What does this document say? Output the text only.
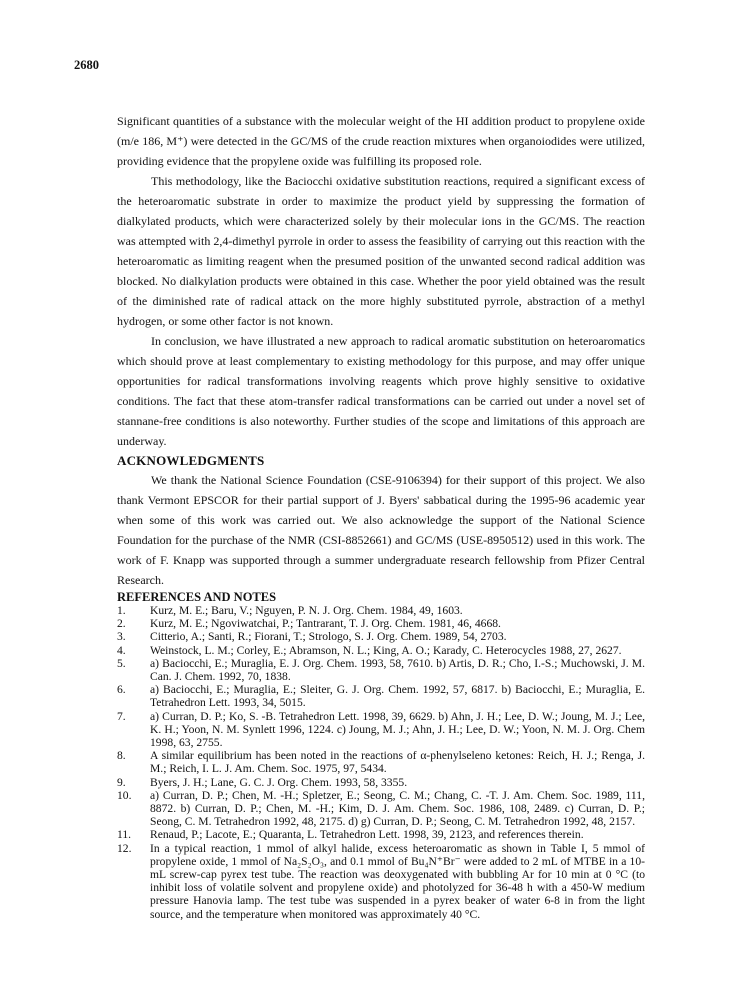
2680

Significant quantities of a substance with the molecular weight of the HI addition product to propylene oxide (m/e 186, M⁺) were detected in the GC/MS of the crude reaction mixtures when organoiodides were utilized, providing evidence that the propylene oxide was fulfilling its proposed role.

This methodology, like the Baciocchi oxidative substitution reactions, required a significant excess of the heteroaromatic substrate in order to maximize the product yield by suppressing the formation of dialkylated products, which were characterized solely by their molecular ions in the GC/MS. The reaction was attempted with 2,4-dimethyl pyrrole in order to assess the feasibility of carrying out this reaction with the heteroaromatic as limiting reagent when the presumed position of the unwanted second radical addition was blocked. No dialkylation products were obtained in this case. Whether the poor yield obtained was the result of the diminished rate of radical attack on the more highly substituted pyrrole, abstraction of a methyl hydrogen, or some other factor is not known.

In conclusion, we have illustrated a new approach to radical aromatic substitution on heteroaromatics which should prove at least complementary to existing methodology for this purpose, and may offer unique opportunities for radical transformations involving reagents which prove highly sensitive to oxidative conditions. The fact that these atom-transfer radical transformations can be carried out under a novel set of stannane-free conditions is also noteworthy. Further studies of the scope and limitations of this approach are underway.

ACKNOWLEDGMENTS

We thank the National Science Foundation (CSE-9106394) for their support of this project. We also thank Vermont EPSCOR for their partial support of J. Byers' sabbatical during the 1995-96 academic year when some of this work was carried out. We also acknowledge the support of the National Science Foundation for the purchase of the NMR (CSI-8852661) and GC/MS (USE-8950512) used in this work. The work of F. Knapp was supported through a summer undergraduate research fellowship from Pfizer Central Research.

REFERENCES AND NOTES
1. Kurz, M. E.; Baru, V.; Nguyen, P. N. J. Org. Chem. 1984, 49, 1603.
2. Kurz, M. E.; Ngoviwatchai, P.; Tantrarant, T. J. Org. Chem. 1981, 46, 4668.
3. Citterio, A.; Santi, R.; Fiorani, T.; Strologo, S. J. Org. Chem. 1989, 54, 2703.
4. Weinstock, L. M.; Corley, E.; Abramson, N. L.; King, A. O.; Karady, C. Heterocycles 1988, 27, 2627.
5. a) Baciocchi, E.; Muraglia, E. J. Org. Chem. 1993, 58, 7610. b) Artis, D. R.; Cho, I.-S.; Muchowski, J. M. Can. J. Chem. 1992, 70, 1838.
6. a) Baciocchi, E.; Muraglia, E.; Sleiter, G. J. Org. Chem. 1992, 57, 6817. b) Baciocchi, E.; Muraglia, E. Tetrahedron Lett. 1993, 34, 5015.
7. a) Curran, D. P.; Ko, S. -B. Tetrahedron Lett. 1998, 39, 6629. b) Ahn, J. H.; Lee, D. W.; Joung, M. J.; Lee, K. H.; Yoon, N. M. Synlett 1996, 1224. c) Joung, M. J.; Ahn, J. H.; Lee, D. W.; Yoon, N. M. J. Org. Chem 1998, 63, 2755.
8. A similar equilibrium has been noted in the reactions of α-phenylseleno ketones: Reich, H. J.; Renga, J. M.; Reich, I. L. J. Am. Chem. Soc. 1975, 97, 5434.
9. Byers, J. H.; Lane, G. C. J. Org. Chem. 1993, 58, 3355.
10. a) Curran, D. P.; Chen, M. -H.; Spletzer, E.; Seong, C. M.; Chang, C. -T. J. Am. Chem. Soc. 1989, 111, 8872. b) Curran, D. P.; Chen, M. -H.; Kim, D. J. Am. Chem. Soc. 1986, 108, 2489. c) Curran, D. P.; Seong, C. M. Tetrahedron 1992, 48, 2175. d) g) Curran, D. P.; Seong, C. M. Tetrahedron 1992, 48, 2157.
11. Renaud, P.; Lacote, E.; Quaranta, L. Tetrahedron Lett. 1998, 39, 2123, and references therein.
12. In a typical reaction, 1 mmol of alkyl halide, excess heteroaromatic as shown in Table I, 5 mmol of propylene oxide, 1 mmol of Na₂S₂O₃, and 0.1 mmol of Bu₄N⁺Br⁻ were added to 2 mL of MTBE in a 10-mL screw-cap pyrex test tube. The reaction was deoxygenated with bubbling Ar for 10 min at 0 °C (to inhibit loss of volatile solvent and propylene oxide) and photolyzed for 36-48 h with a 450-W medium pressure Hanovia lamp. The test tube was suspended in a pyrex beaker of water 6-8 in from the light source, and the temperature when monitored was approximately 40 °C.
